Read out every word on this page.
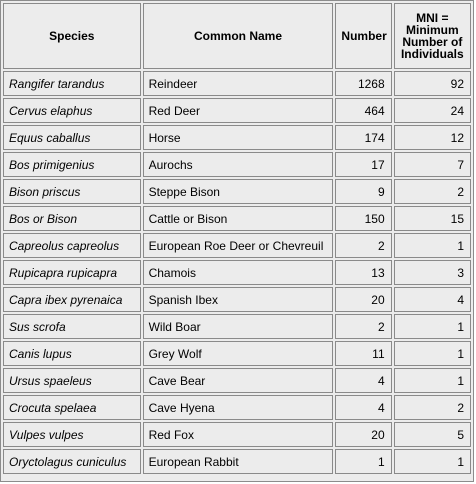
Species	Common Name	Number	MNI = Minimum Number of Individuals
Rangifer tarandus	Reindeer	1268	92
Cervus elaphus	Red Deer	464	24
Equus caballus	Horse	174	12
Bos primigenius	Aurochs	17	7
Bison priscus	Steppe Bison	9	2
Bos or Bison	Cattle or Bison	150	15
Capreolus capreolus	European Roe Deer or Chevreuil	2	1
Rupicapra rupicapra	Chamois	13	3
Capra ibex pyrenaica	Spanish Ibex	20	4
Sus scrofa	Wild Boar	2	1
Canis lupus	Grey Wolf	11	1
Ursus spaeleus	Cave Bear	4	1
Crocuta spelaea	Cave Hyena	4	2
Vulpes vulpes	Red Fox	20	5
Oryctolagus cuniculus	European Rabbit	1	1
